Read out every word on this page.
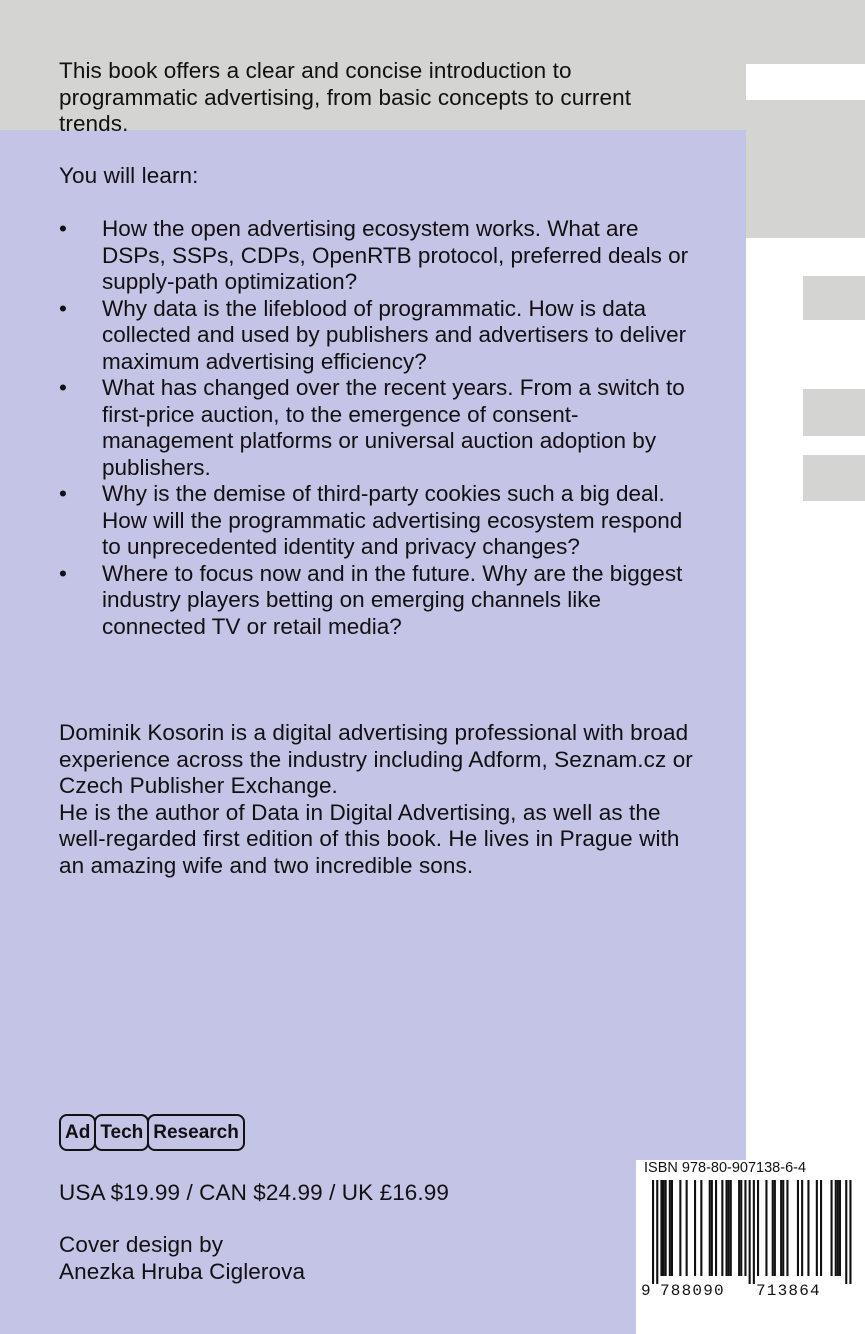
This book offers a clear and concise introduction to programmatic advertising, from basic concepts to current trends.
You will learn:
•	How the open advertising ecosystem works. What are DSPs, SSPs, CDPs, OpenRTB protocol, preferred deals or supply-path optimization?
•	Why data is the lifeblood of programmatic. How is data collected and used by publishers and advertisers to deliver maximum advertising efficiency?
•	What has changed over the recent years. From a switch to first-price auction, to the emergence of consent-management platforms or universal auction adoption by publishers.
•	Why is the demise of third-party cookies such a big deal. How will the programmatic advertising ecosystem respond to unprecedented identity and privacy changes?
•	Where to focus now and in the future. Why are the biggest industry players betting on emerging channels like connected TV or retail media?
Dominik Kosorin is a digital advertising professional with broad experience across the industry including Adform, Seznam.cz or Czech Publisher Exchange.
He is the author of Data in Digital Advertising, as well as the well-regarded first edition of this book. He lives in Prague with an amazing wife and two incredible sons.
Ad Tech Research
USA $19.99 / CAN $24.99 / UK £16.99
Cover design by
Anezka Hruba Ciglerova
ISBN 978-80-907138-6-4
9 788090 713864
